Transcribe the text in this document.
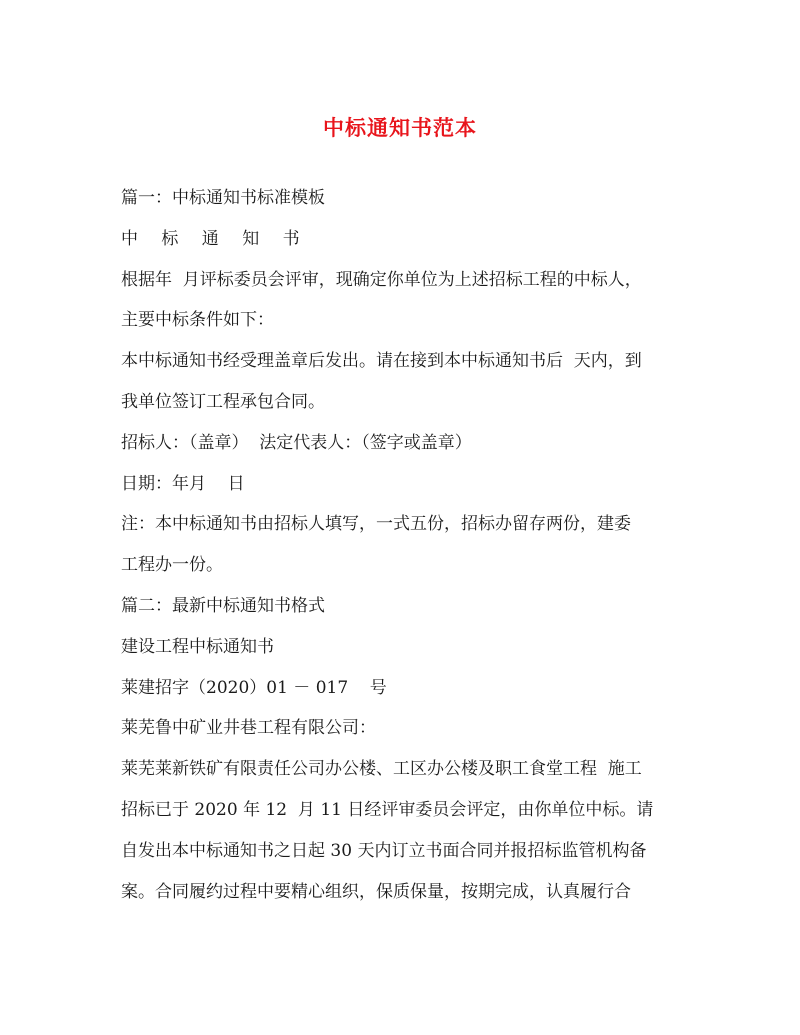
中标通知书范本
篇一：中标通知书标准模板
中 标 通 知 书
根据年  月评标委员会评审，现确定你单位为上述招标工程的中标人，
主要中标条件如下：
本中标通知书经受理盖章后发出。请在接到本中标通知书后  天内，到
我单位签订工程承包合同。
招标人：（盖章）  法定代表人：（签字或盖章）
日期：年月    日
注：本中标通知书由招标人填写，一式五份，招标办留存两份，建委
工程办一份。
篇二：最新中标通知书格式
建设工程中标通知书
莱建招字（2020）01 － 017    号
莱芜鲁中矿业井巷工程有限公司：
莱芜莱新铁矿有限责任公司办公楼、工区办公楼及职工食堂工程  施工
招标已于 2020 年 12  月 11 日经评审委员会评定，由你单位中标。请
自发出本中标通知书之日起 30 天内订立书面合同并报招标监管机构备
案。合同履约过程中要精心组织，保质保量，按期完成，认真履行合
